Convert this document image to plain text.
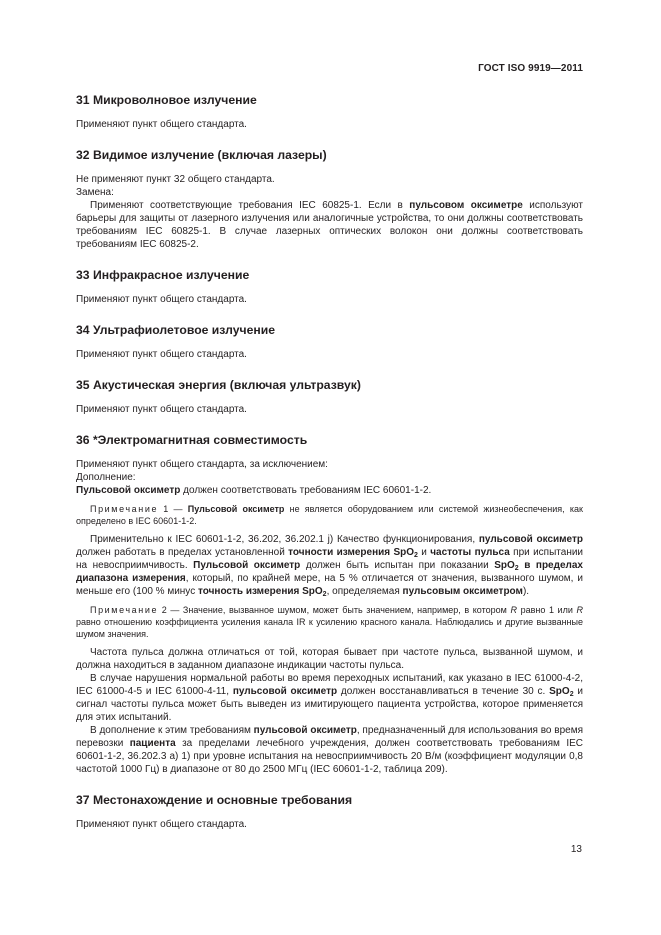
ГОСТ ISO 9919—2011
31 Микроволновое излучение

Применяют пункт общего стандарта.

32 Видимое излучение (включая лазеры)

Не применяют пункт 32 общего стандарта.

Замена:

Применяют соответствующие требования IEC 60825-1. Если в пульсовом оксиметре используют барьеры для защиты от лазерного излучения или аналогичные устройства, то они должны соответствовать требованиям IEC 60825-1. В случае лазерных оптических волокон они должны соответствовать требованиям IEC 60825-2.

33 Инфракрасное излучение

Применяют пункт общего стандарта.

34 Ультрафиолетовое излучение

Применяют пункт общего стандарта.

35 Акустическая энергия (включая ультразвук)

Применяют пункт общего стандарта.

36 *Электромагнитная совместимость

Применяют пункт общего стандарта, за исключением:

Дополнение:

Пульсовой оксиметр должен соответствовать требованиям IEC 60601-1-2.

Примечание 1 — Пульсовой оксиметр не является оборудованием или системой жизнеобеспечения, как определено в IEC 60601-1-2.

Применительно к IEC 60601-1-2, 36.202, 36.202.1 j) Качество функционирования, пульсовой оксиметр должен работать в пределах установленной точности измерения SpO$_2$ и частоты пульса при испытании на невосприимчивость. Пульсовой оксиметр должен быть испытан при показании SpO$_2$ в пределах диапазона измерения, который, по крайней мере, на 5 % отличается от значения, вызванного шумом, и меньше его (100 % минус точность измерения SpO$_2$, определяемая пульсовым оксиметром).

Примечание 2 — Значение, вызванное шумом, может быть значением, например, в котором R равно 1 или R равно отношению коэффициента усиления канала IR к усилению красного канала. Наблюдались и другие вызванные шумом значения.

Частота пульса должна отличаться от той, которая бывает при частоте пульса, вызванной шумом, и должна находиться в заданном диапазоне индикации частоты пульса.

В случае нарушения нормальной работы во время переходных испытаний, как указано в IEC 61000-4-2, IEC 61000-4-5 и IEC 61000-4-11, пульсовой оксиметр должен восстанавливаться в течение 30 с. SpO$_2$ и сигнал частоты пульса может быть выведен из имитирующего пациента устройства, которое применяется для этих испытаний.

В дополнение к этим требованиям пульсовой оксиметр, предназначенный для использования во время перевозки пациента за пределами лечебного учреждения, должен соответствовать требованиям IEC 60601-1-2, 36.202.3 а) 1) при уровне испытания на невосприимчивость 20 В/м (коэффициент модуляции 0,8 частотой 1000 Гц) в диапазоне от 80 до 2500 МГц (IEC 60601-1-2, таблица 209).

37 Местонахождение и основные требования

Применяют пункт общего стандарта.

13
